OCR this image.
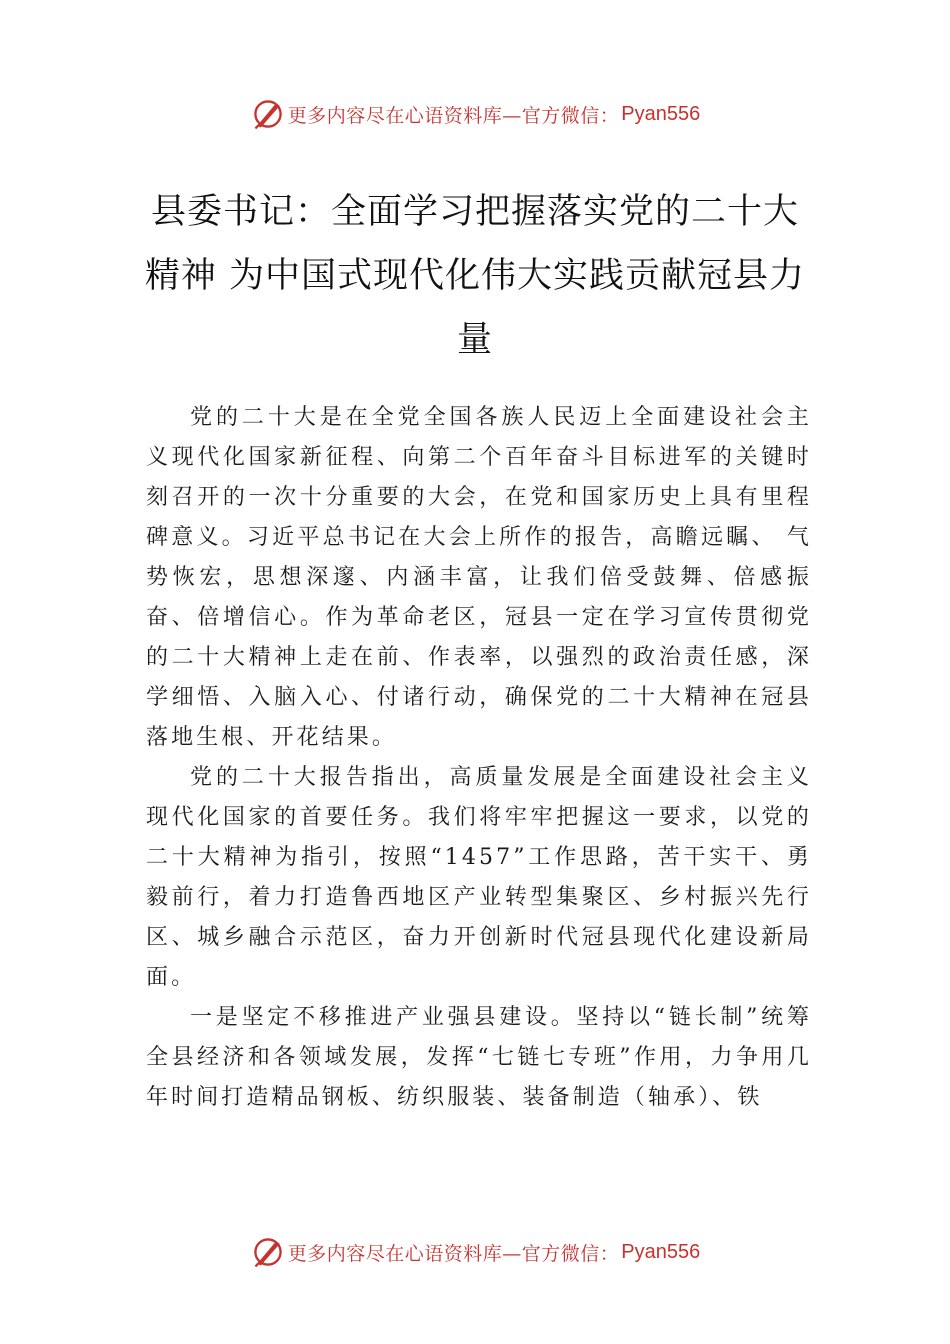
更多内容尽在心语资料库—官方微信： Pyan556
县委书记：全面学习把握落实党的二十大精神 为中国式现代化伟大实践贡献冠县力量

党的二十大是在全党全国各族人民迈上全面建设社会主义现代化国家新征程、向第二个百年奋斗目标进军的关键时刻召开的一次十分重要的大会，在党和国家历史上具有里程碑意义。习近平总书记在大会上所作的报告，高瞻远瞩、 气势恢宏，思想深邃、内涵丰富，让我们倍受鼓舞、倍感振奋、倍增信心。作为革命老区，冠县一定在学习宣传贯彻党的二十大精神上走在前、作表率，以强烈的政治责任感，深学细悟、入脑入心、付诸行动，确保党的二十大精神在冠县落地生根、开花结果。

党的二十大报告指出，高质量发展是全面建设社会主义现代化国家的首要任务。我们将牢牢把握这一要求，以党的二十大精神为指引，按照“1457”工作思路，苦干实干、勇毅前行，着力打造鲁西地区产业转型集聚区、乡村振兴先行区、城乡融合示范区，奋力开创新时代冠县现代化建设新局面。

一是坚定不移推进产业强县建设。坚持以“链长制”统筹全县经济和各领域发展，发挥“七链七专班”作用，力争用几年时间打造精品钢板、纺织服装、装备制造（轴承）、铁

更多内容尽在心语资料库—官方微信： Pyan556
